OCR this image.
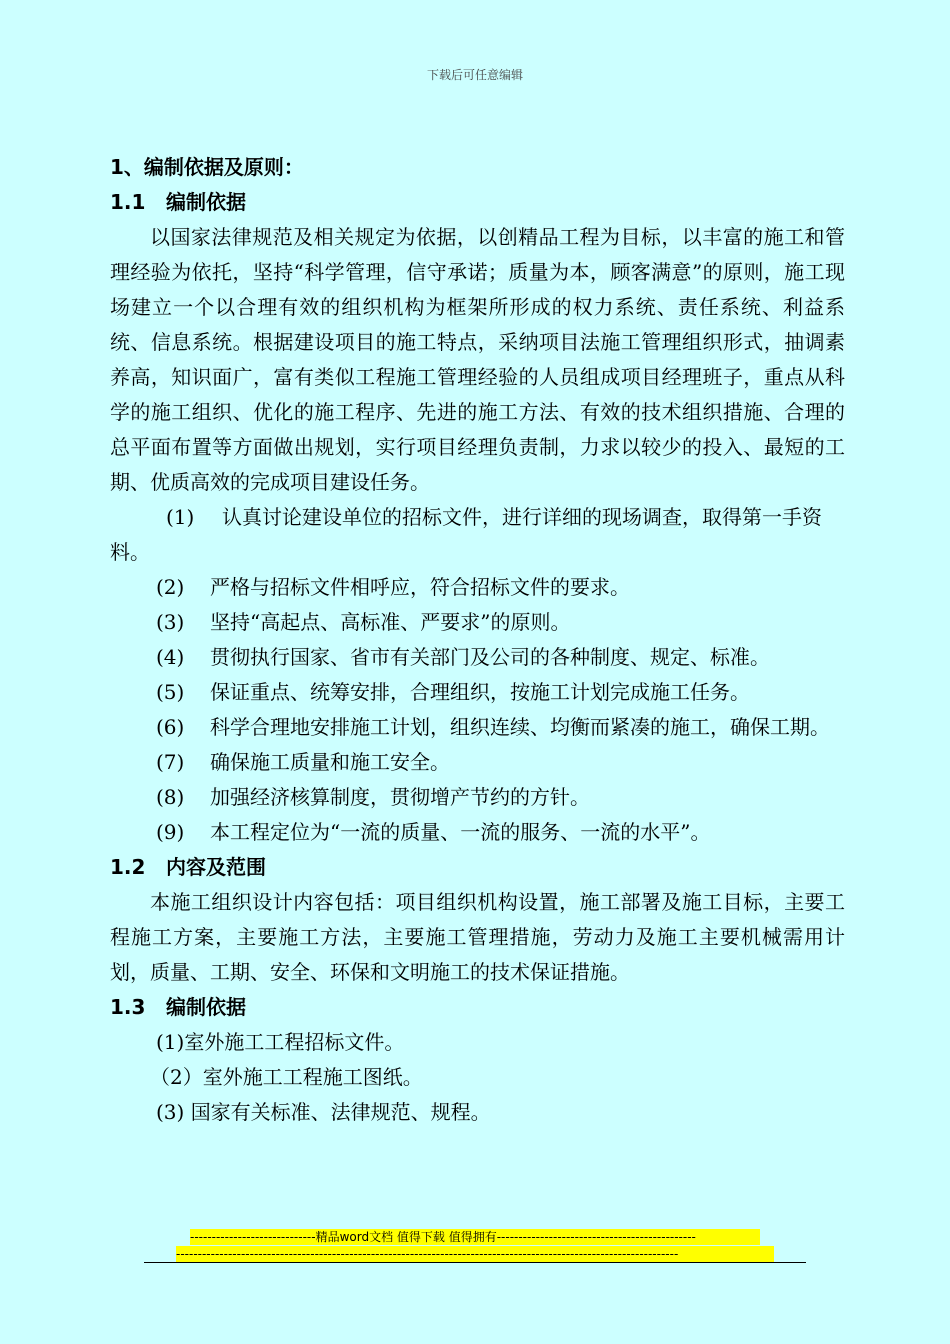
下载后可任意编辑

1、编制依据及原则：

1.1 编制依据

以国家法律规范及相关规定为依据，以创精品工程为目标，以丰富的施工和管理经验为依托，坚持“科学管理，信守承诺；质量为本，顾客满意”的原则，施工现场建立一个以合理有效的组织机构为框架所形成的权力系统、责任系统、利益系统、信息系统。根据建设项目的施工特点，采纳项目法施工管理组织形式，抽调素养高，知识面广，富有类似工程施工管理经验的人员组成项目经理班子，重点从科学的施工组织、优化的施工程序、先进的施工方法、有效的技术组织措施、合理的总平面布置等方面做出规划，实行项目经理负责制，力求以较少的投入、最短的工期、优质高效的完成项目建设任务。

(1) 认真讨论建设单位的招标文件，进行详细的现场调查，取得第一手资料。

(2) 严格与招标文件相呼应，符合招标文件的要求。

(3) 坚持“高起点、高标准、严要求”的原则。

(4) 贯彻执行国家、省市有关部门及公司的各种制度、规定、标准。

(5) 保证重点、统筹安排，合理组织，按施工计划完成施工任务。

(6) 科学合理地安排施工计划，组织连续、均衡而紧凑的施工，确保工期。

(7) 确保施工质量和施工安全。

(8) 加强经济核算制度，贯彻增产节约的方针。

(9) 本工程定位为“一流的质量、一流的服务、一流的水平”。

1.2 内容及范围

本施工组织设计内容包括：项目组织机构设置，施工部署及施工目标，主要工程施工方案，主要施工方法，主要施工管理措施，劳动力及施工主要机械需用计划，质量、工期、安全、环保和文明施工的技术保证措施。

1.3 编制依据

(1)室外施工工程招标文件。

（2）室外施工工程施工图纸。

(3) 国家有关标准、法律规范、规程。

-----------------------------精品word文档 值得下载 值得拥有----------------------------------------------
--------------------------------------------------------------------------------------------------------------------
